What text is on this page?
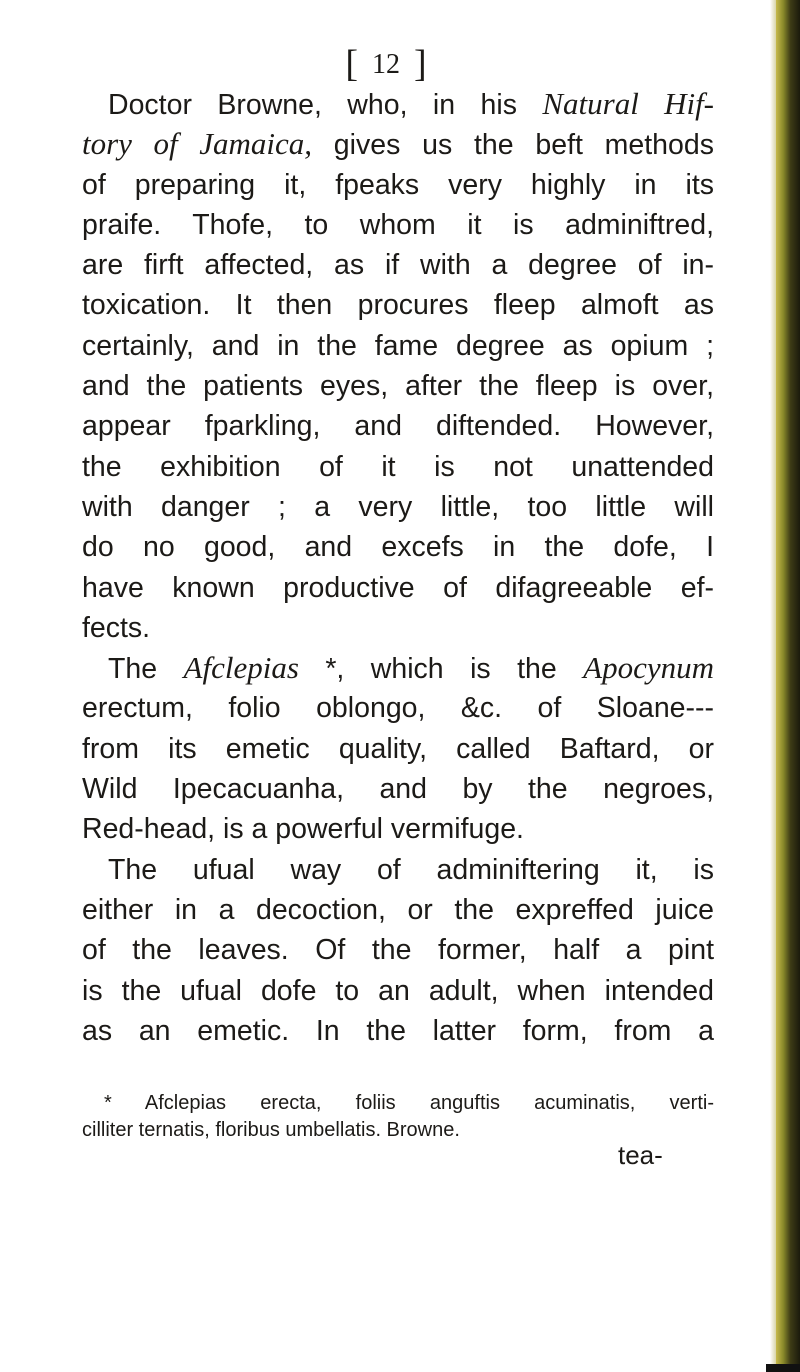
[ 12 ]
Doctor Browne, who, in his Natural Hif-
tory of Jamaica, gives us the beft methods
of preparing it, fpeaks very highly in its
praife. Thofe, to whom it is adminiftred,
are firft affected, as if with a degree of in-
toxication. It then procures fleep almoft as
certainly, and in the fame degree as opium ;
and the patients eyes, after the fleep is over,
appear fparkling, and diftended. However,
the exhibition of it is not unattended
with danger ; a very little, too little will
do no good, and excefs in the dofe, I
have known productive of difagreeable ef-
fects.
The Afclepias *, which is the Apocynum
erectum, folio oblongo, &c. of Sloane---
from its emetic quality, called Baftard, or
Wild Ipecacuanha, and by the negroes,
Red-head, is a powerful vermifuge.
The ufual way of adminiftering it, is
either in a decoction, or the expreffed juice
of the leaves. Of the former, half a pint
is the ufual dofe to an adult, when intended
as an emetic. In the latter form, from a
* Afclepias erecta, foliis anguftis acuminatis, verti-
cilliter ternatis, floribus umbellatis. Browne.
tea-
